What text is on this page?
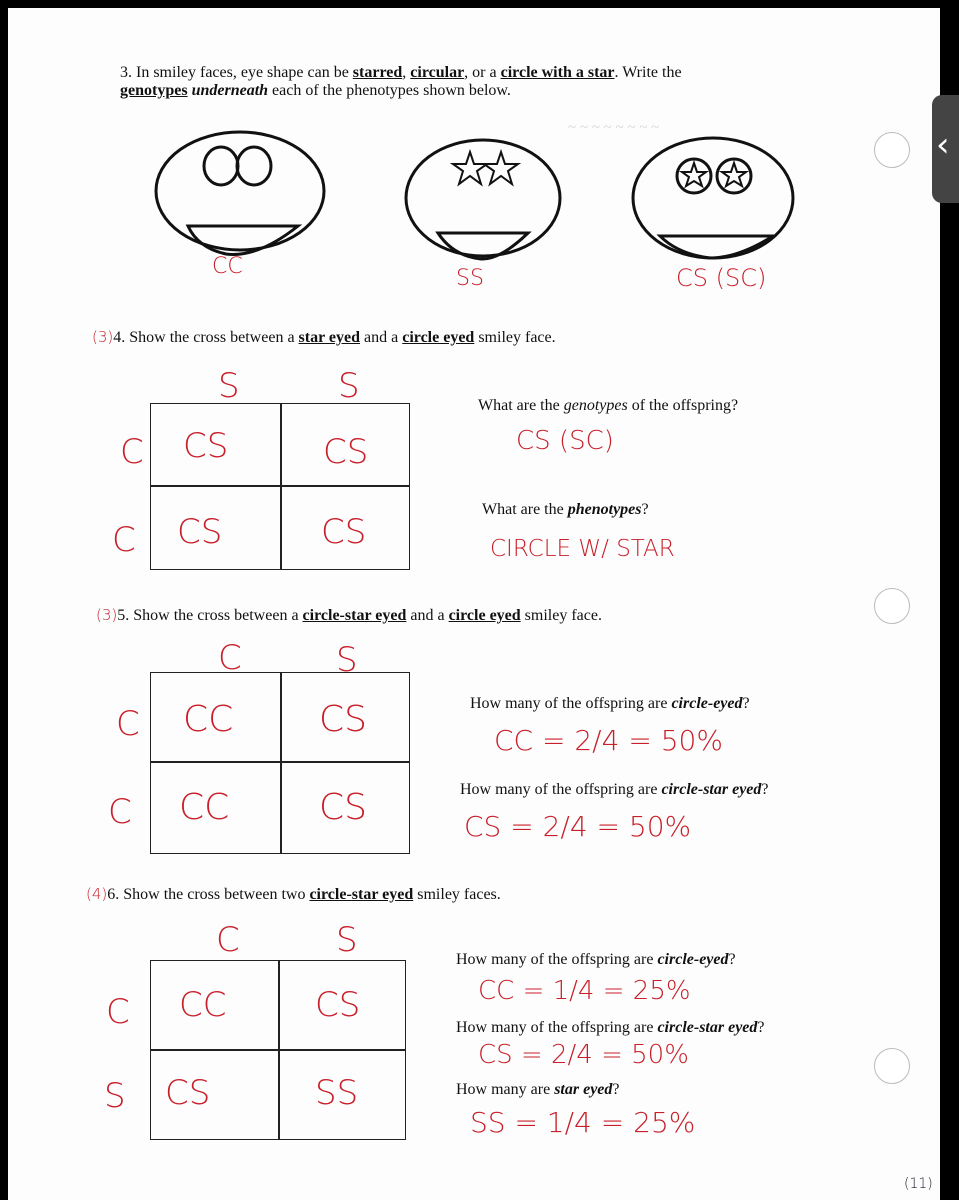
~ ~ ~ ~ ~ ~ ~ ~
3. In smiley faces, eye shape can be starred, circular, or a circle with a star. Write the
genotypes underneath each of the phenotypes shown below.
CC	SS	CS (SC)
(3)4. Show the cross between a star eyed and a circle eyed smiley face.
S	S
C
C
CS	CS
CS	CS
What are the genotypes of the offspring?
CS (SC)
What are the phenotypes?
CIRCLE W/ STAR
(3)5. Show the cross between a circle-star eyed and a circle eyed smiley face.
C	S
C
C
CC CS
CC CS
How many of the offspring are circle-eyed?
CC = 2/4 = 50%
How many of the offspring are circle-star eyed?
CS = 2/4 = 50%
(4)6. Show the cross between two circle-star eyed smiley faces.
C	S
C
S
CC	CS
CS	SS
How many of the offspring are circle-eyed?
CC = 1/4 = 25%
How many of the offspring are circle-star eyed?
CS = 2/4 = 50%
How many are star eyed?
SS = 1/4 = 25%
(11)
‹
